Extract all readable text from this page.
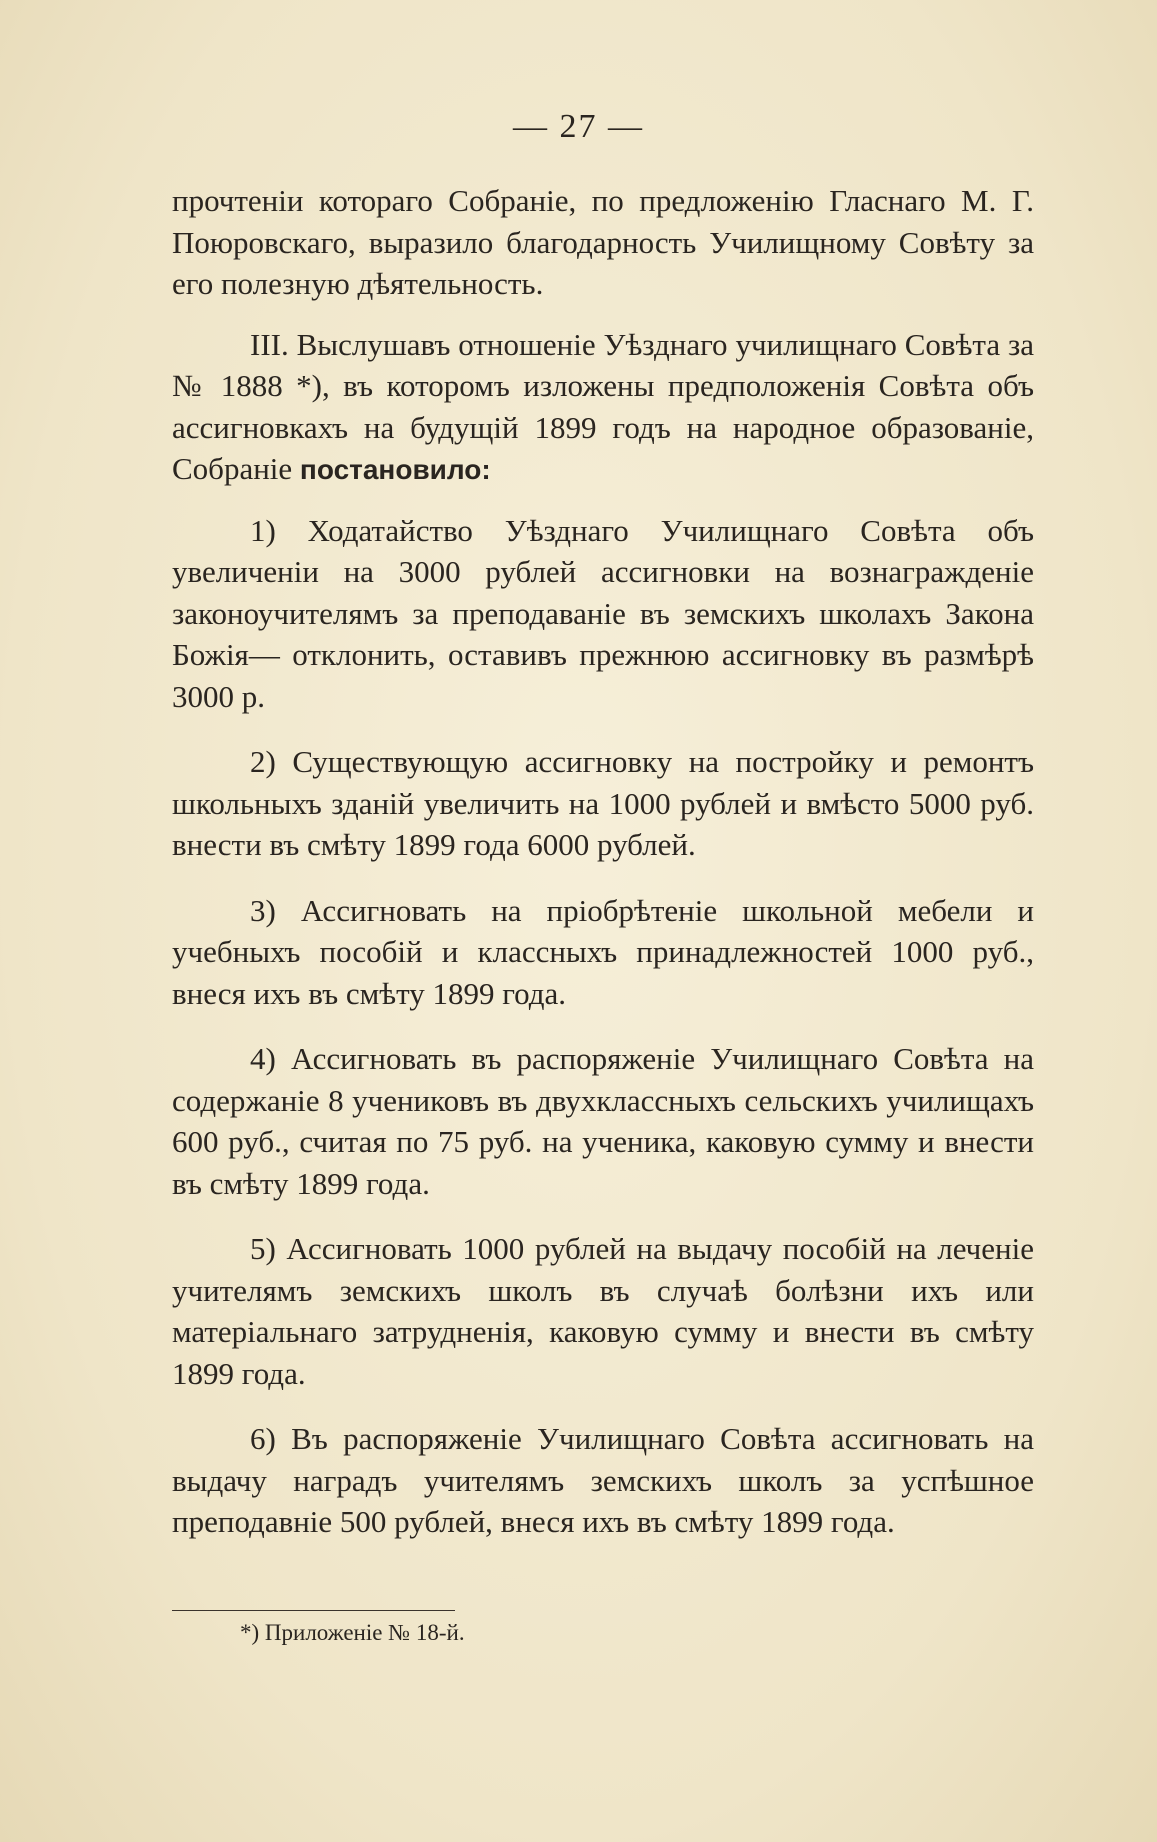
— 27 —

прочтенiи котораго Собранiе, по предложенiю Гласнаго М. Г. Поюровскаго, выразило благодарность Училищному Совѣту за его полезную дѣятельность.

III. Выслушавъ отношенiе Уѣзднаго училищнаго Совѣта за № 1888 *), въ которомъ изложены предположенiя Совѣта объ ассигновкахъ на будущiй 1899 годъ на народное образованiе, Собранiе постановило:

1) Ходатайство Уѣзднаго Училищнаго Совѣта объ увеличенiи на 3000 рублей ассигновки на вознагражденiе законоучителямъ за преподаванiе въ земскихъ школахъ Закона Божiя— отклонить, оставивъ прежнюю ассигновку въ размѣрѣ 3000 р.

2) Существующую ассигновку на постройку и ремонтъ школьныхъ зданiй увеличить на 1000 рублей и вмѣсто 5000 руб. внести въ смѣту 1899 года 6000 рублей.

3) Ассигновать на прiобрѣтенiе школьной мебели и учебныхъ пособiй и классныхъ принадлежностей 1000 руб., внеся ихъ въ смѣту 1899 года.

4) Ассигновать въ распоряженiе Училищнаго Совѣта на содержанiе 8 учениковъ въ двухклассныхъ сельскихъ училищахъ 600 руб., считая по 75 руб. на ученика, каковую сумму и внести въ смѣту 1899 года.

5) Ассигновать 1000 рублей на выдачу пособiй на леченiе учителямъ земскихъ школъ въ случаѣ болѣзни ихъ или матерiальнаго затрудненiя, каковую сумму и внести въ смѣту 1899 года.

6) Въ распоряженiе Училищнаго Совѣта ассигновать на выдачу наградъ учителямъ земскихъ школъ за успѣшное преподавнiе 500 рублей, внеся ихъ въ смѣту 1899 года.

*) Приложенiе № 18-й.
